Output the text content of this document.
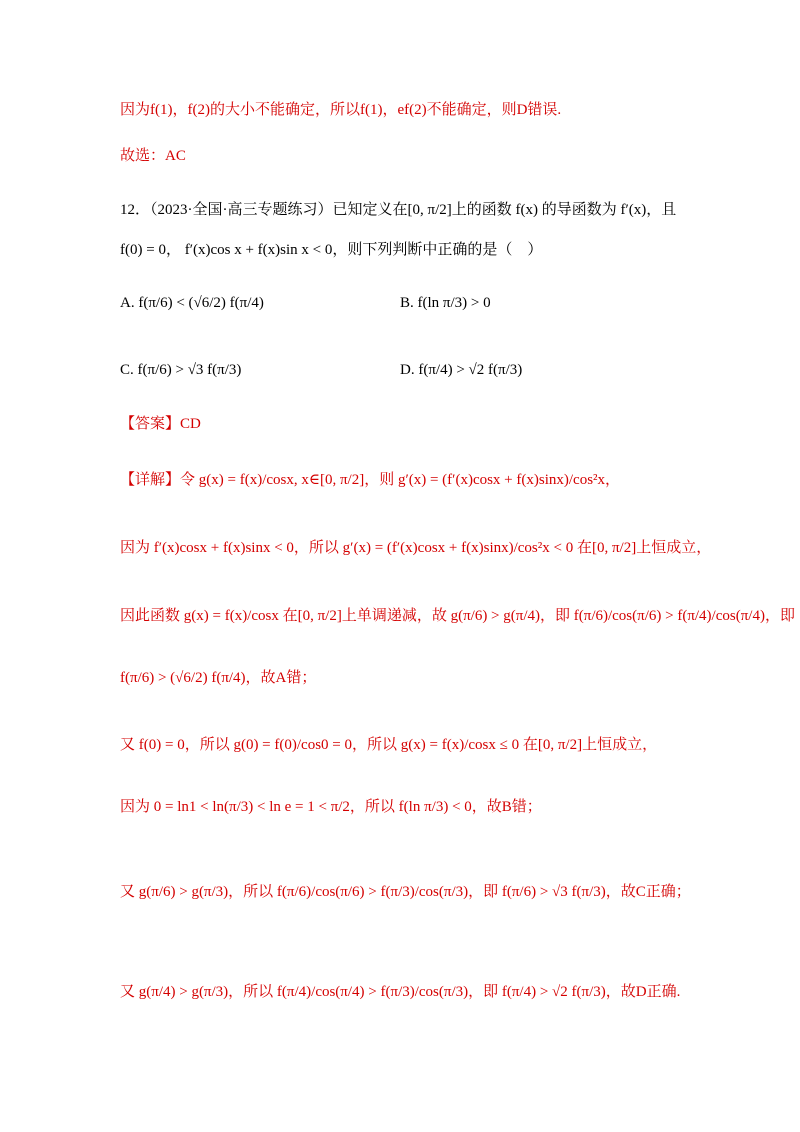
因为f(1)，f(2)的大小不能确定，所以f(1)，ef(2)不能确定，则D错误.
故选：AC
12．（2023·全国·高三专题练习）已知定义在[0, π/2]上的函数 f(x) 的导函数为 f′(x)，且
f(0) = 0， f′(x)cos x + f(x)sin x < 0，则下列判断中正确的是（　）
A. f(π/6) < (√6/2) f(π/4)	B. f(ln π/3) > 0
C. f(π/6) > √3 f(π/3)	D. f(π/4) > √2 f(π/3)
【答案】CD
【详解】令 g(x) = f(x)/cosx, x∈[0, π/2]，则 g′(x) = (f′(x)cosx + f(x)sinx)/cos²x，
因为 f′(x)cosx + f(x)sinx < 0，所以 g′(x) = (f′(x)cosx + f(x)sinx)/cos²x < 0 在[0, π/2]上恒成立，
因此函数 g(x) = f(x)/cosx 在[0, π/2]上单调递减，故 g(π/6) > g(π/4)，即 f(π/6)/cos(π/6) > f(π/4)/cos(π/4)，即
f(π/6) > (√6/2) f(π/4)，故A错；
又 f(0) = 0，所以 g(0) = f(0)/cos0 = 0，所以 g(x) = f(x)/cosx ≤ 0 在[0, π/2]上恒成立，
因为 0 = ln1 < ln(π/3) < ln e = 1 < π/2，所以 f(ln π/3) < 0，故B错；
又 g(π/6) > g(π/3)，所以 f(π/6)/cos(π/6) > f(π/3)/cos(π/3)，即 f(π/6) > √3 f(π/3)，故C正确；
又 g(π/4) > g(π/3)，所以 f(π/4)/cos(π/4) > f(π/3)/cos(π/3)，即 f(π/4) > √2 f(π/3)，故D正确.
